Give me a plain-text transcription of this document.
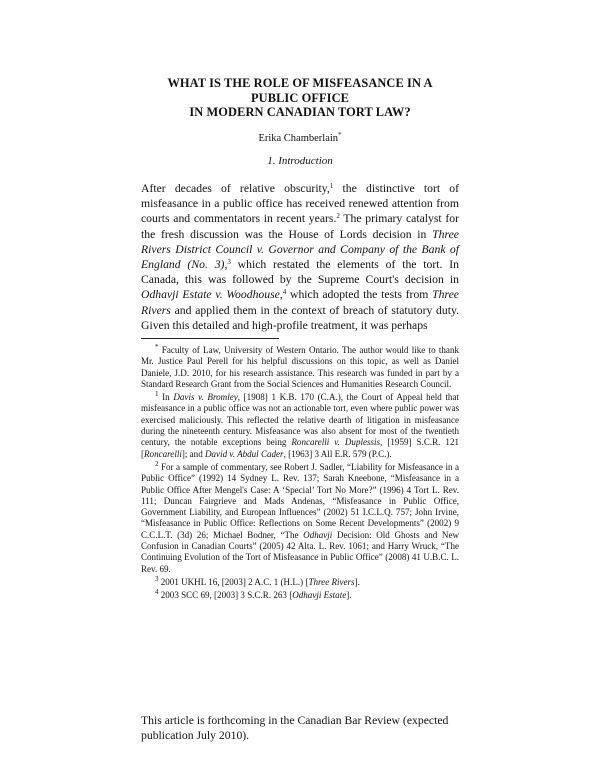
WHAT IS THE ROLE OF MISFEASANCE IN A
PUBLIC OFFICE
IN MODERN CANADIAN TORT LAW?
Erika Chamberlain*
1. Introduction

After decades of relative obscurity,$^1$ the distinctive tort of misfeasance in a public office has received renewed attention from courts and commentators in recent years.$^2$ The primary catalyst for the fresh discussion was the House of Lords decision in Three Rivers District Council v. Governor and Company of the Bank of England (No. 3),$^3$ which restated the elements of the tort. In Canada, this was followed by the Supreme Court's decision in Odhavji Estate v. Woodhouse,$^4$ which adopted the tests from Three Rivers and applied them in the context of breach of statutory duty. Given this detailed and high-profile treatment, it was perhaps

* Faculty of Law, University of Western Ontario. The author would like to thank Mr. Justice Paul Perell for his helpful discussions on this topic, as well as Daniel Daniele, J.D. 2010, for his research assistance. This research was funded in part by a Standard Research Grant from the Social Sciences and Humanities Research Council.

$^1$ In Davis v. Bromley, [1908] 1 K.B. 170 (C.A.), the Court of Appeal held that misfeasance in a public office was not an actionable tort, even where public power was exercised maliciously. This reflected the relative dearth of litigation in misfeasance during the nineteenth century. Misfeasance was also absent for most of the twentieth century, the notable exceptions being Roncarelli v. Duplessis, [1959] S.C.R. 121 [Roncarelli]; and David v. Abdul Cader, [1963] 3 All E.R. 579 (P.C.).

$^2$ For a sample of commentary, see Robert J. Sadler, “Liability for Misfeasance in a Public Office” (1992) 14 Sydney L. Rev. 137; Sarah Kneebone, “Misfeasance in a Public Office After Mengel's Case: A ‘Special’ Tort No More?” (1996) 4 Tort L. Rev. 111; Duncan Fairgrieve and Mads Andenas, “Misfeasance in Public Office, Government Liability, and European Influences” (2002) 51 I.C.L.Q. 757; John Irvine, “Misfeasance in Public Office: Reflections on Some Recent Developments” (2002) 9 C.C.L.T. (3d) 26; Michael Bodner, “The Odhavji Decision: Old Ghosts and New Confusion in Canadian Courts” (2005) 42 Alta. L. Rev. 1061; and Harry Wruck, “The Continuing Evolution of the Tort of Misfeasance in Public Office” (2008) 41 U.B.C. L. Rev. 69.

$^3$ 2001 UKHL 16, [2003] 2 A.C. 1 (H.L.) [Three Rivers].

$^4$ 2003 SCC 69, [2003] 3 S.C.R. 263 [Odhavji Estate].

This article is forthcoming in the Canadian Bar Review (expected
publication July 2010).
